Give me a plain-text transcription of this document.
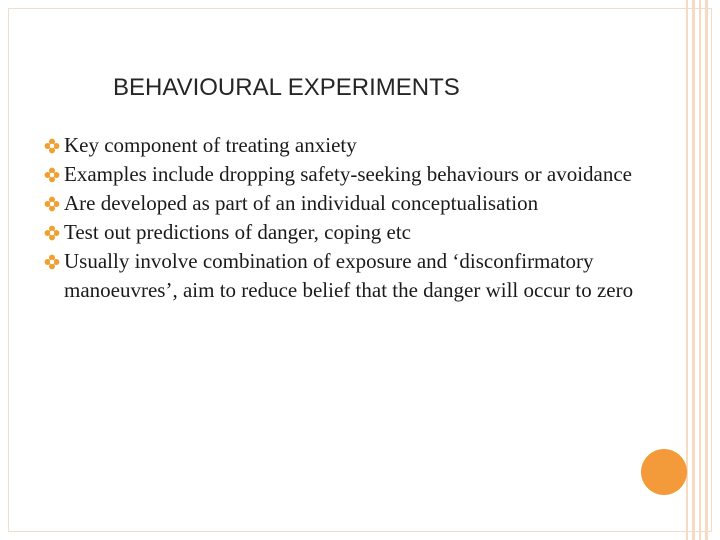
BEHAVIOURAL EXPERIMENTS
Key component of treating anxiety
Examples include dropping safety-seeking behaviours or avoidance
Are developed as part of an individual conceptualisation
Test out predictions of danger, coping etc
Usually involve combination of exposure and ‘disconfirmatory manoeuvres’, aim to reduce belief that the danger will occur to zero
